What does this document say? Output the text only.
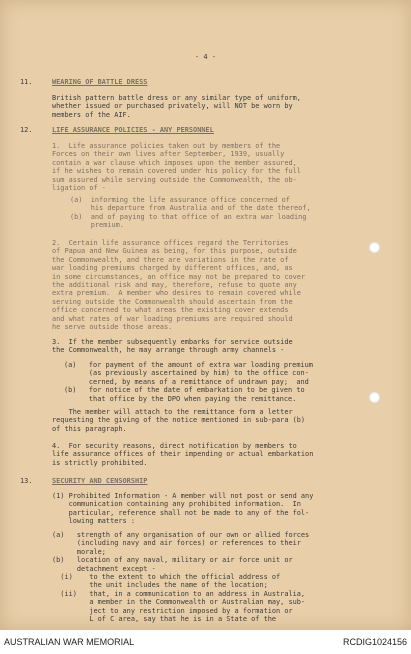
- 4 -
11.	WEARING OF BATTLE DRESS
British pattern battle dress or any similar type of uniform,
whether issued or purchased privately, will NOT be worn by
members of the AIF.
12.	LIFE ASSURANCE POLICIES - ANY PERSONNEL
1.  Life assurance policies taken out by members of the
Forces on their own lives after September, 1939, usually
contain a war clause which imposes upon the member assured,
if he wishes to remain covered under his policy for the full
sum assured while serving outside the Commonwealth, the ob-
ligation of -
(a)  informing the life assurance office concerned of
his departure from Australia and of the date thereof,
(b)  and of paying to that office of an extra war loading
premium.
2.  Certain life assurance offices regard the Territories
of Papua and New Guinea as being, for this purpose, outside
the Commonwealth, and there are variations in the rate of
war loading premiums charged by different offices, and, as
in some circumstances, an office may not be prepared to cover
the additional risk and may, therefore, refuse to quote any
extra premium.  A member who desires to remain covered while
serving outside the Commonwealth should ascertain from the
office concerned to what areas the existing cover extends
and what rates of war loading premiums are required should
he serve outside those areas.
3.  If the member subsequently embarks for service outside
the Commonwealth, he may arrange through army channels -
(a)   for payment of the amount of extra war loading premium
(as previously ascertained by him) to the office con-
cerned, by means of a remittance of undrawn pay;  and
(b)   for notice of the date of embarkation to be given to
that office by the DPO when paying the remittance.
The member will attach to the remittance form a letter
requesting the giving of the notice mentioned in sub-para (b)
of this paragraph.
4.  For security reasons, direct notification by members to
life assurance offices of their impending or actual embarkation
is strictly prohibited.
13.	SECURITY AND CENSORSHIP
(1) Prohibited Information - A member will not post or send any
communication containing any prohibited information.  In
particular, reference shall not be made to any of the fol-
lowing matters :
(a)   strength of any organisation of our own or allied forces
(including navy and air forces) or references to their
morale;
(b)   location of any naval, military or air force unit or
detachment except -
(i)    to the extent to which the official address of
the unit includes the name of the location;
(ii)   that, in a communication to an address in Australia,
a member in the Commonwealth or Australian may, sub-
ject to any restriction imposed by a formation or
L of C area, say that he is in a State of the
AUSTRALIAN WAR MEMORIAL	RCDIG1024156
